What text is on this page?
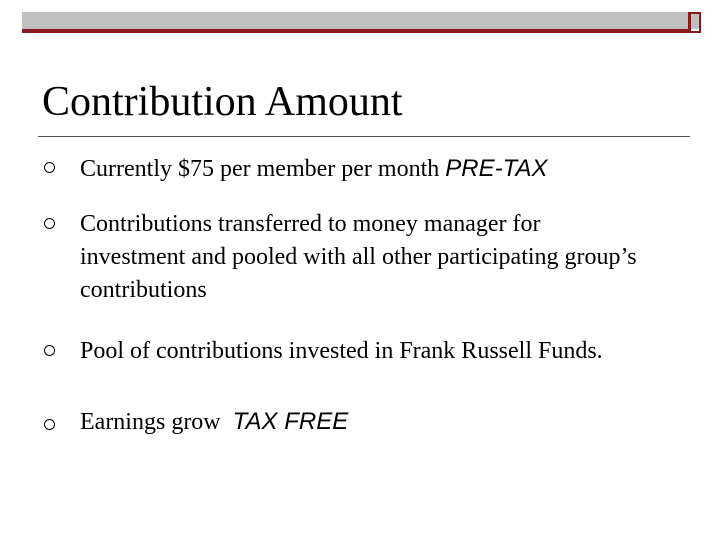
Contribution Amount
Currently $75 per member per month PRE-TAX
Contributions transferred to money manager for investment and pooled with all other participating group’s contributions
Pool of contributions invested in Frank Russell Funds.
Earnings grow  TAX FREE
